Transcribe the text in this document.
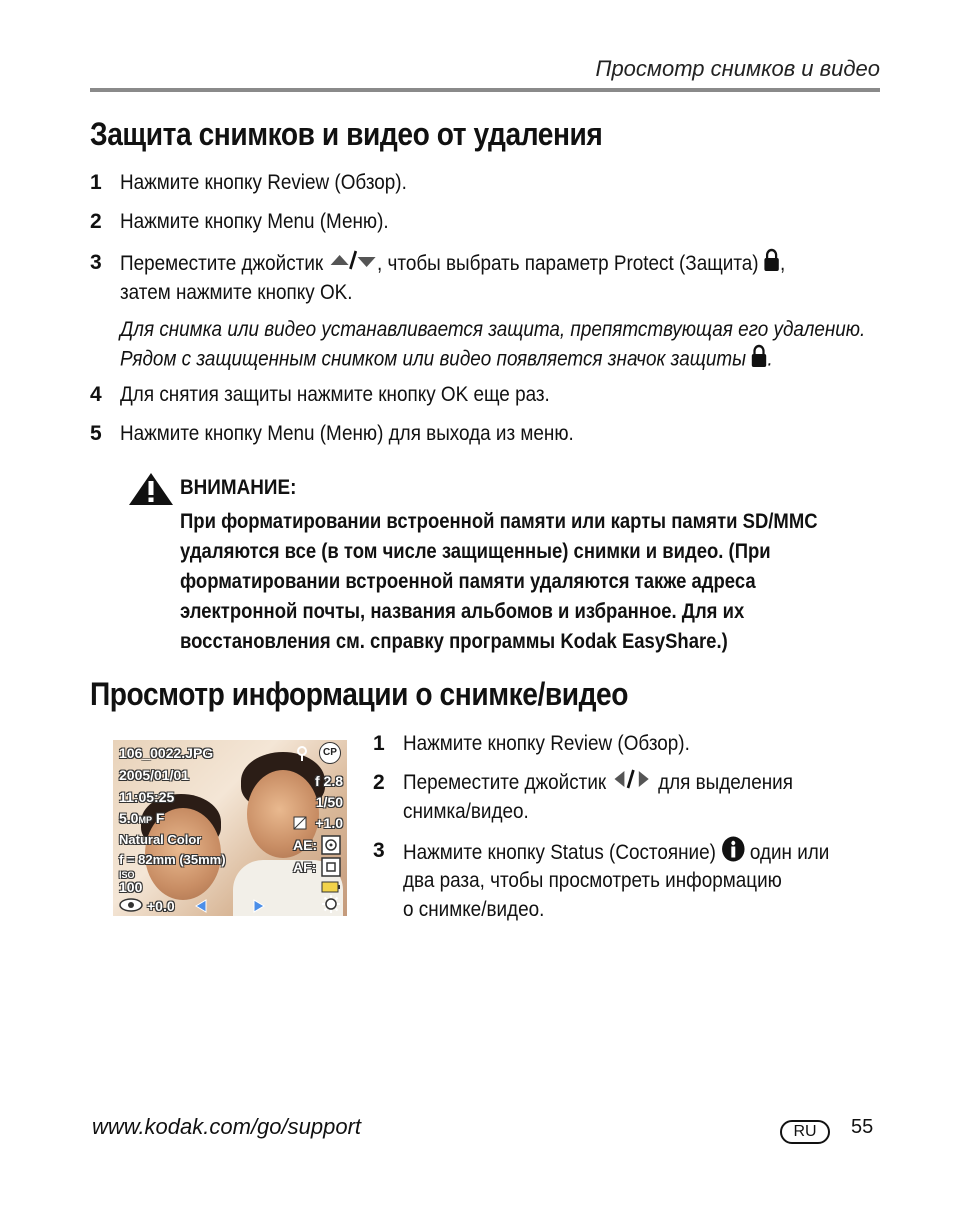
Просмотр снимков и видео
Защита снимков и видео от удаления
1 Нажмите кнопку Review (Обзор).
2 Нажмите кнопку Menu (Меню).
3 Переместите джойстик	, чтобы выбрать параметр Protect (Защита) ,
затем нажмите кнопку OK.
Для снимка или видео устанавливается защита, препятствующая его удалению.
Рядом с защищенным снимком или видео появляется значок защиты .
4 Для снятия защиты нажмите кнопку OK еще раз.
5 Нажмите кнопку Menu (Меню) для выхода из меню.
ВНИМАНИЕ:
При форматировании встроенной памяти или карты памяти SD/MMC
удаляются все (в том числе защищенные) снимки и видео. (При
форматировании встроенной памяти удаляются также адреса
электронной почты, названия альбомов и избранное. Для их
восстановления см. справку программы Kodak EasyShare.)
Просмотр информации о снимке/видео
106_0022.JPG
2005/01/01
11:05:25
5.0MP F
Natural Color
f = 82mm (35mm)
ISO
100
+0.0
CP
f 2.8
1/50
+1.0
AE:
AF:
1 Нажмите кнопку Review (Обзор).
2 Переместите джойстик для выделения
снимка/видео.
3 Нажмите кнопку Status (Состояние) один или
два раза, чтобы просмотреть информацию
о снимке/видео.
www.kodak.com/go/support	RU	55
